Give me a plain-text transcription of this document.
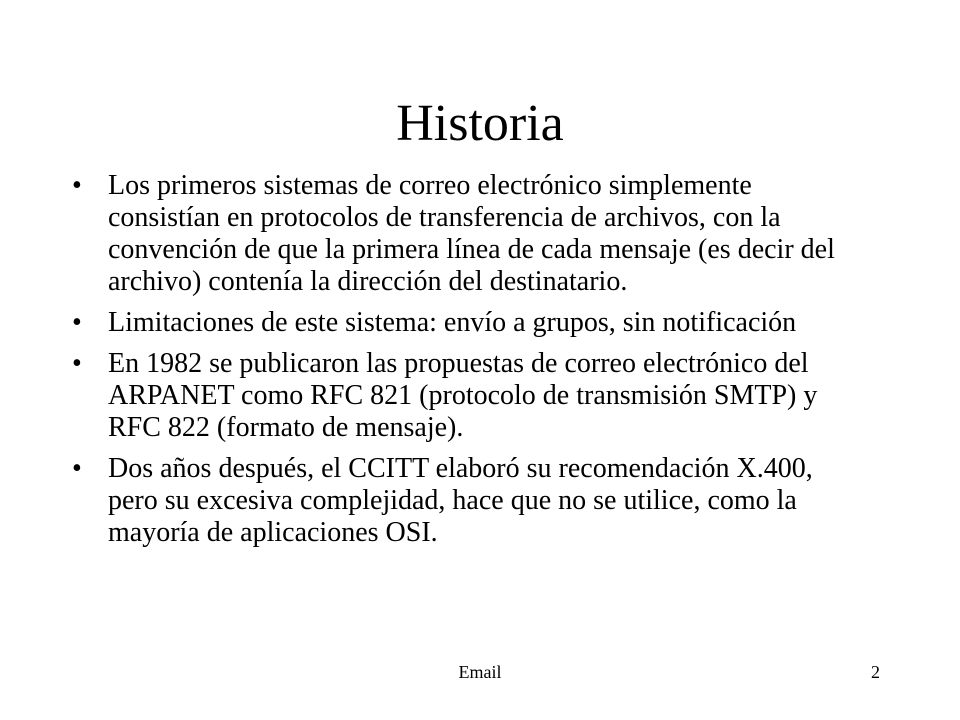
Historia
• Los primeros sistemas de correo electrónico simplemente consistían en protocolos de transferencia de archivos, con la convención de que la primera línea de cada mensaje (es decir del archivo) contenía la dirección del destinatario.
• Limitaciones de este sistema: envío a grupos, sin notificación
• En 1982 se publicaron las propuestas de correo electrónico del ARPANET como RFC 821 (protocolo de transmisión SMTP) y RFC 822 (formato de mensaje).
• Dos años después, el CCITT elaboró su recomendación X.400, pero su excesiva complejidad, hace que no se utilice, como la mayoría de aplicaciones OSI.
Email	2
